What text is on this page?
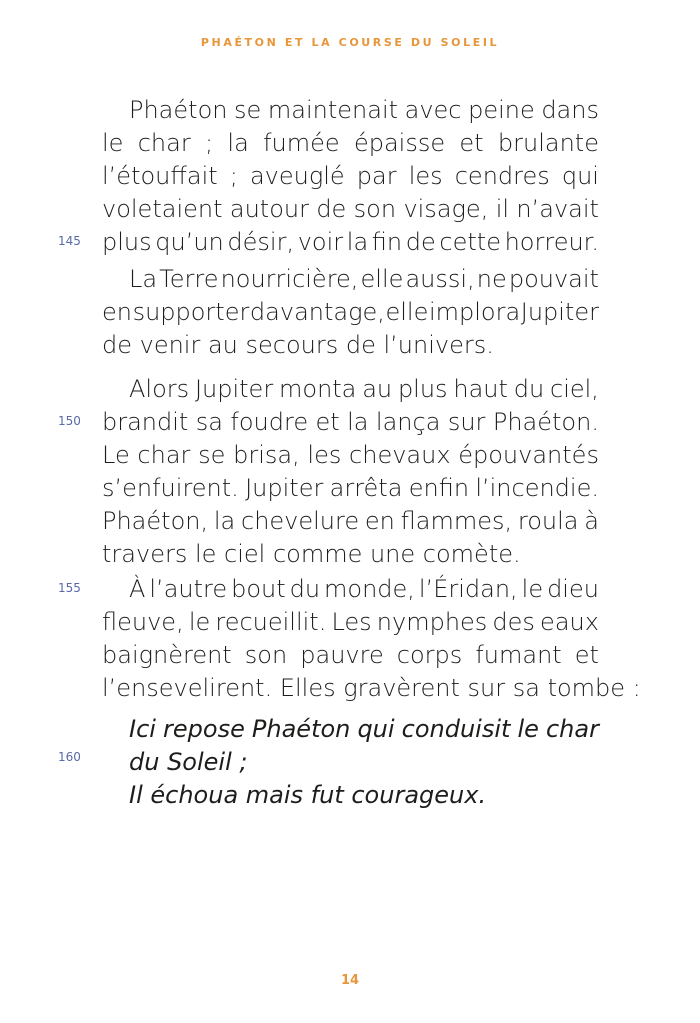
PHAÉTON ET LA COURSE DU SOLEIL
Phaéton se maintenait avec peine dans
le char ; la fumée épaisse et brulante
l’étouffait ; aveuglé par les cendres qui
voletaient autour de son visage, il n’avait
plus qu’un désir, voir la fin de cette horreur.
145
La Terre nourricière, elle aussi, ne pouvait
en supporter davantage, elle implora Jupiter
de venir au secours de l’univers.
Alors Jupiter monta au plus haut du ciel,
brandit sa foudre et la lança sur Phaéton.
150
Le char se brisa, les chevaux épouvantés
s’enfuirent. Jupiter arrêta enfin l’incendie.
Phaéton, la chevelure en flammes, roula à
travers le ciel comme une comète.
À l’autre bout du monde, l’Éridan, le dieu
155
fleuve, le recueillit. Les nymphes des eaux
baignèrent son pauvre corps fumant et
l’ensevelirent. Elles gravèrent sur sa tombe :
Ici repose Phaéton qui conduisit le char
du Soleil ;
160
Il échoua mais fut courageux.
14
